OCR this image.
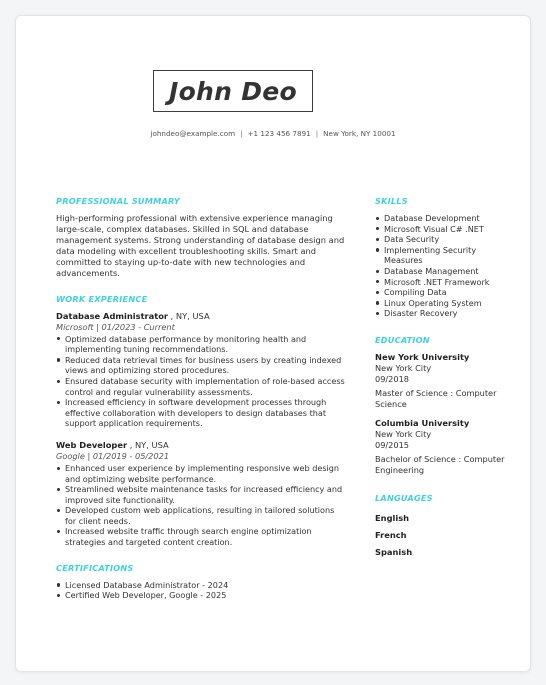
John Deo
johndeo@example.com | +1 123 456 7891 | New York, NY 10001
PROFESSIONAL SUMMARY

High-performing professional with extensive experience managing large-scale, complex databases. Skilled in SQL and database management systems. Strong understanding of database design and data modeling with excellent troubleshooting skills. Smart and committed to staying up-to-date with new technologies and advancements.

WORK EXPERIENCE
Database Administrator , NY, USA
Microsoft | 01/2023 - Current
Optimized database performance by monitoring health and implementing tuning recommendations.
Reduced data retrieval times for business users by creating indexed views and optimizing stored procedures.
Ensured database security with implementation of role-based access control and regular vulnerability assessments.
Increased efficiency in software development processes through effective collaboration with developers to design databases that support application requirements.
Web Developer , NY, USA
Google | 01/2019 - 05/2021
Enhanced user experience by implementing responsive web design and optimizing website performance.
Streamlined website maintenance tasks for increased efficiency and improved site functionality.
Developed custom web applications, resulting in tailored solutions for client needs.
Increased website traffic through search engine optimization strategies and targeted content creation.
CERTIFICATIONS
Licensed Database Administrator - 2024
Certified Web Developer, Google - 2025
SKILLS
Database Development
Microsoft Visual C# .NET
Data Security
Implementing Security Measures
Database Management
Microsoft .NET Framework
Compiling Data
Linux Operating System
Disaster Recovery
EDUCATION
New York University
New York City
09/2018
Master of Science : Computer Science
Columbia University
New York City
09/2015
Bachelor of Science : Computer Engineering
LANGUAGES
English
French
Spanish
